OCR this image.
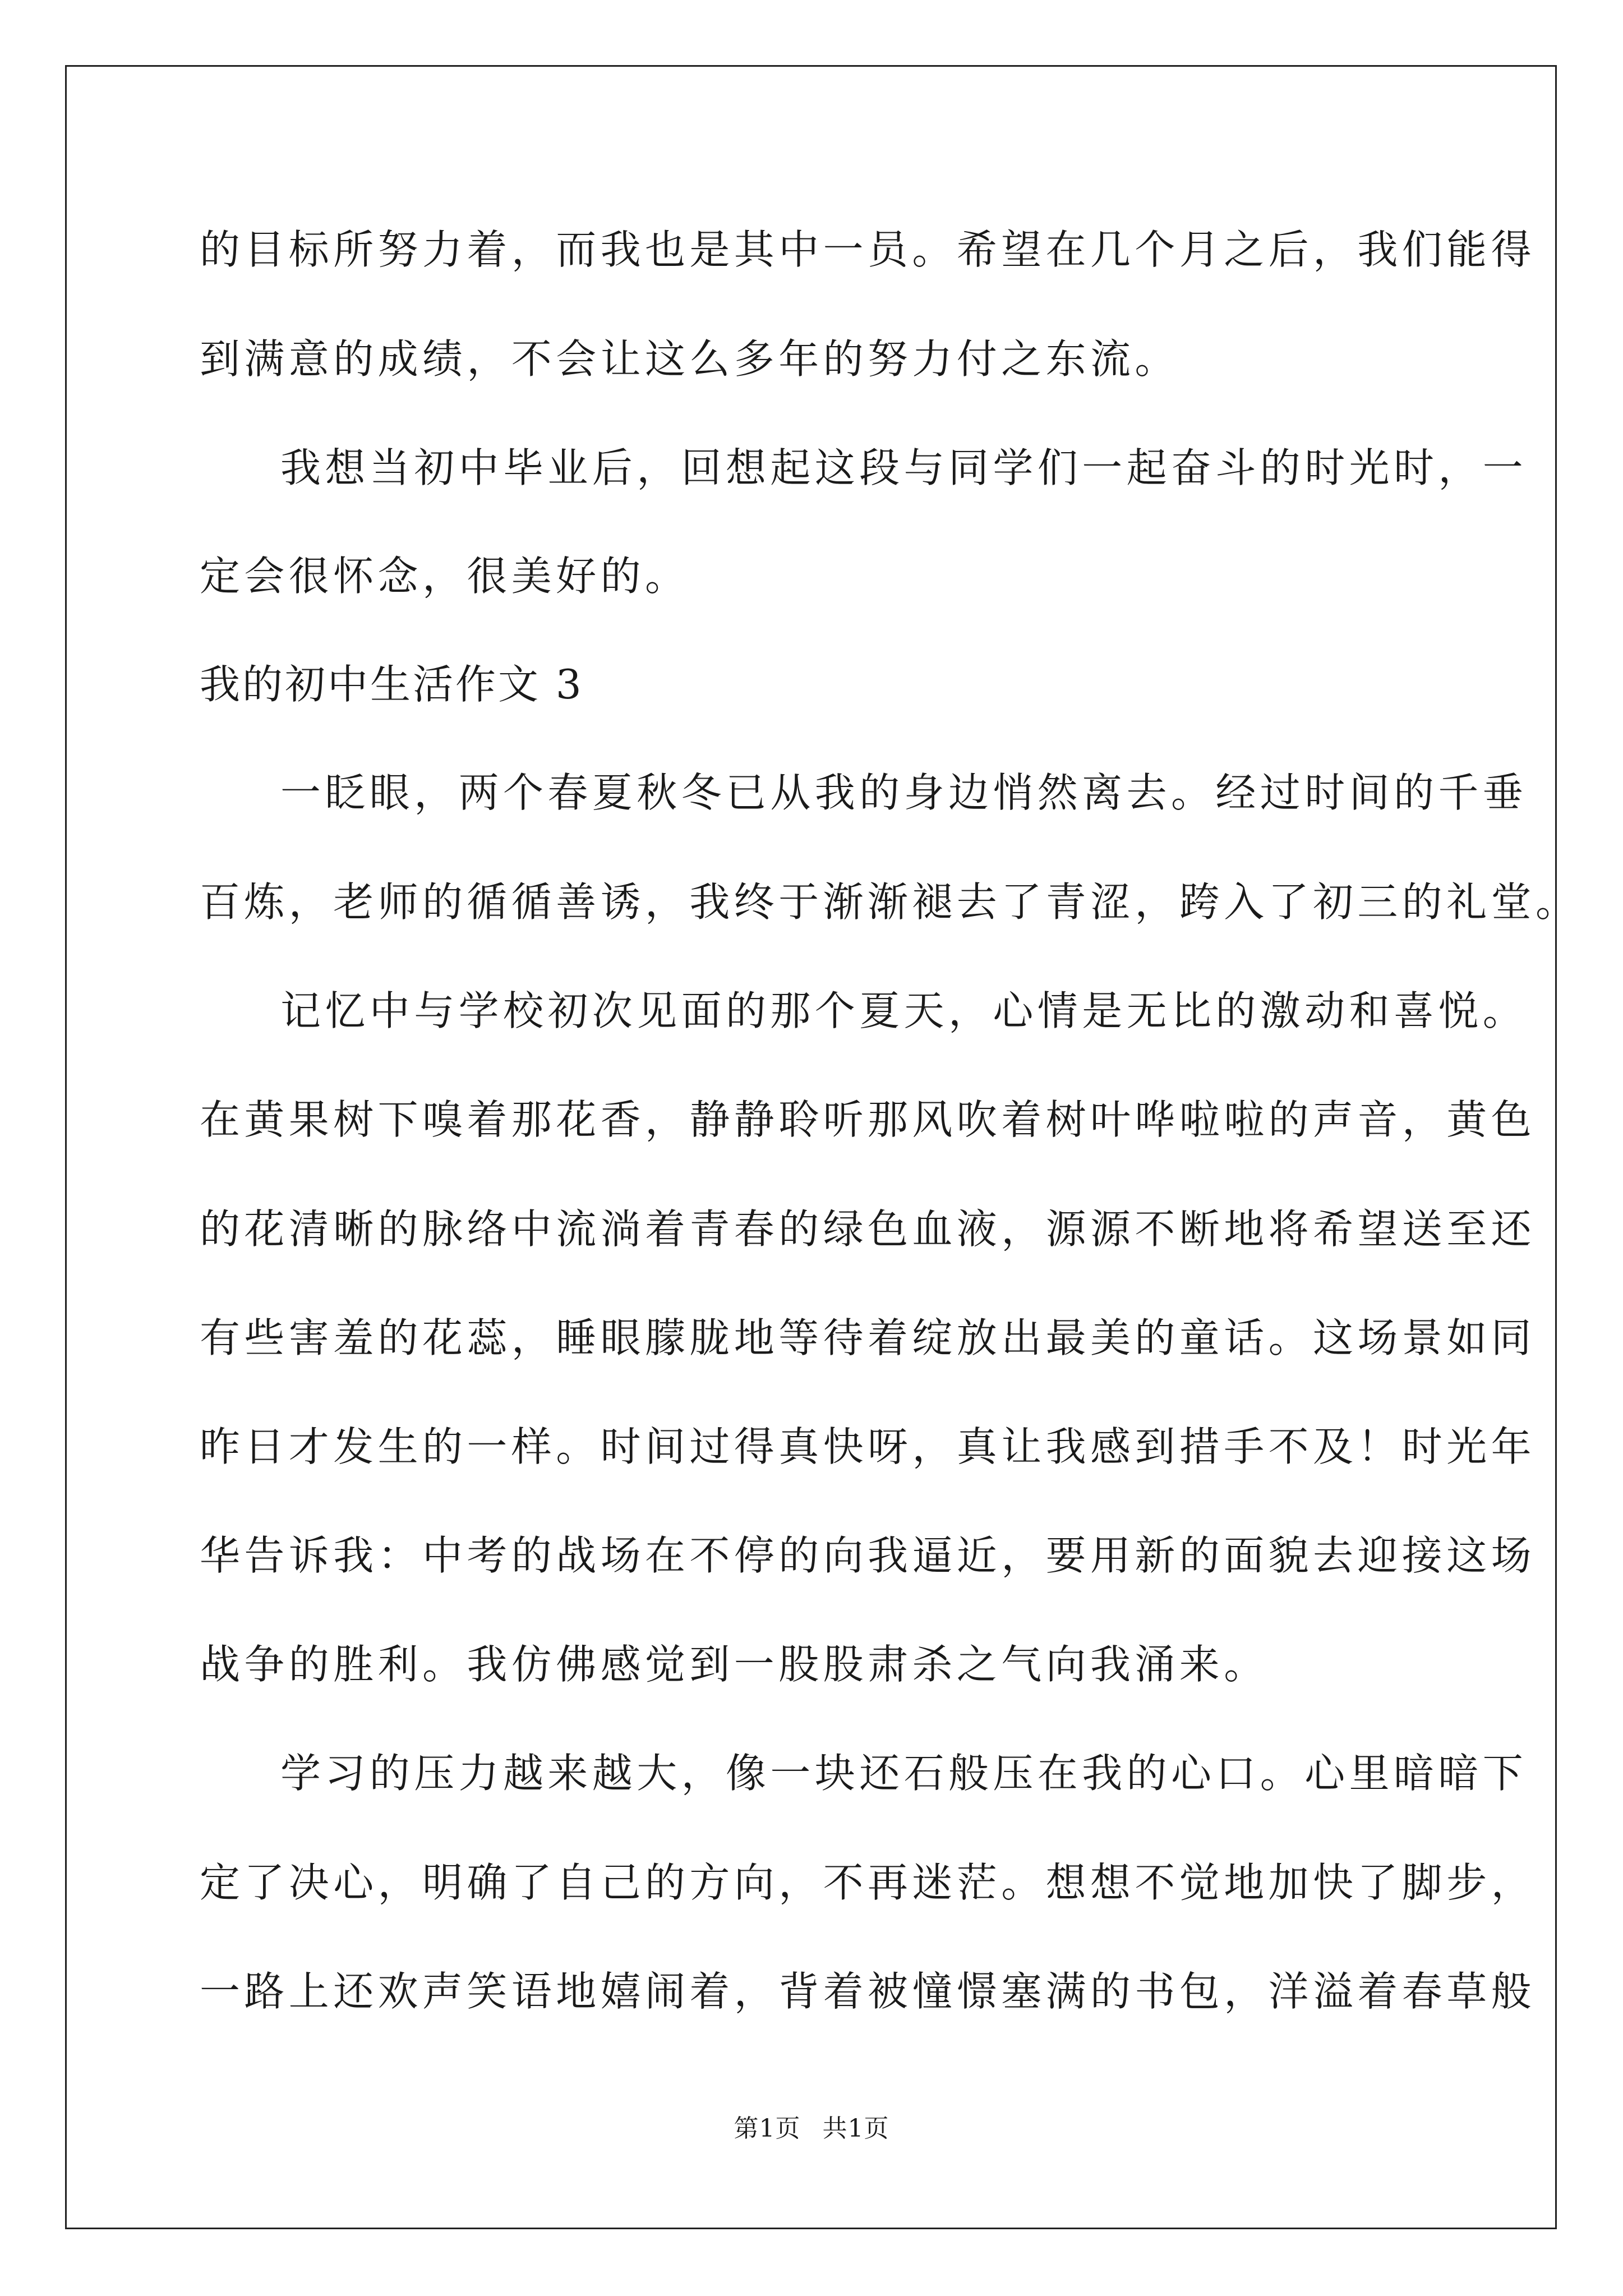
的目标所努力着，而我也是其中一员。希望在几个月之后，我们能得
到满意的成绩，不会让这么多年的努力付之东流。
我想当初中毕业后，回想起这段与同学们一起奋斗的时光时，一
定会很怀念，很美好的。
我的初中生活作文 3
一眨眼，两个春夏秋冬已从我的身边悄然离去。经过时间的千垂
百炼，老师的循循善诱，我终于渐渐褪去了青涩，跨入了初三的礼堂。
记忆中与学校初次见面的那个夏天，心情是无比的激动和喜悦。
在黄果树下嗅着那花香，静静聆听那风吹着树叶哗啦啦的声音，黄色
的花清晰的脉络中流淌着青春的绿色血液，源源不断地将希望送至还
有些害羞的花蕊，睡眼朦胧地等待着绽放出最美的童话。这场景如同
昨日才发生的一样。时间过得真快呀，真让我感到措手不及！时光年
华告诉我：中考的战场在不停的向我逼近，要用新的面貌去迎接这场
战争的胜利。我仿佛感觉到一股股肃杀之气向我涌来。
学习的压力越来越大，像一块还石般压在我的心口。心里暗暗下
定了决心，明确了自己的方向，不再迷茫。想想不觉地加快了脚步，
一路上还欢声笑语地嬉闹着，背着被憧憬塞满的书包，洋溢着春草般
第1页 共1页
